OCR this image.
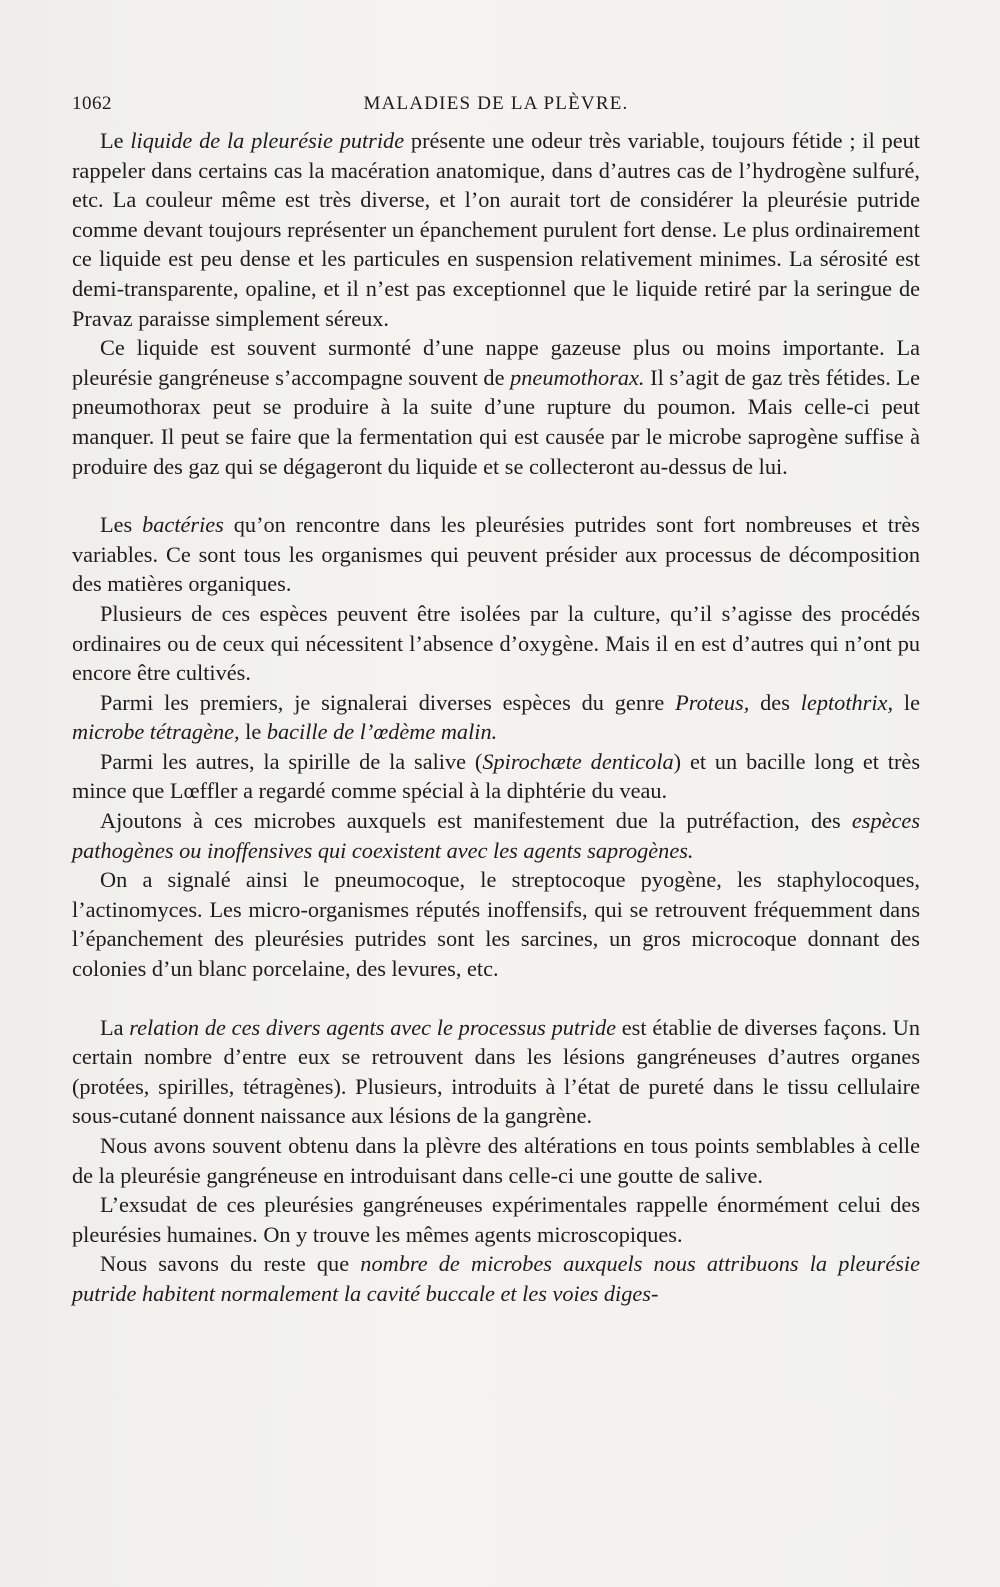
1062	MALADIES DE LA PLÈVRE.

Le liquide de la pleurésie putride présente une odeur très variable, toujours fétide ; il peut rappeler dans certains cas la macération anatomique, dans d’autres cas de l’hydrogène sulfuré, etc. La couleur même est très diverse, et l’on aurait tort de considérer la pleurésie putride comme devant toujours représenter un épanchement purulent fort dense. Le plus ordinairement ce liquide est peu dense et les particules en suspension relativement minimes. La sérosité est demi-transparente, opaline, et il n’est pas exceptionnel que le liquide retiré par la seringue de Pravaz paraisse simplement séreux.

Ce liquide est souvent surmonté d’une nappe gazeuse plus ou moins importante. La pleurésie gangréneuse s’accompagne souvent de pneumothorax. Il s’agit de gaz très fétides. Le pneumothorax peut se produire à la suite d’une rupture du poumon. Mais celle-ci peut manquer. Il peut se faire que la fermentation qui est causée par le microbe saprogène suffise à produire des gaz qui se dégageront du liquide et se collecteront au-dessus de lui.

Les bactéries qu’on rencontre dans les pleurésies putrides sont fort nombreuses et très variables. Ce sont tous les organismes qui peuvent présider aux processus de décomposition des matières organiques.

Plusieurs de ces espèces peuvent être isolées par la culture, qu’il s’agisse des procédés ordinaires ou de ceux qui nécessitent l’absence d’oxygène. Mais il en est d’autres qui n’ont pu encore être cultivés.

Parmi les premiers, je signalerai diverses espèces du genre Proteus, des leptothrix, le microbe tétragène, le bacille de l’œdème malin.

Parmi les autres, la spirille de la salive (Spirochæte denticola) et un bacille long et très mince que Lœffler a regardé comme spécial à la diphtérie du veau.

Ajoutons à ces microbes auxquels est manifestement due la putréfaction, des espèces pathogènes ou inoffensives qui coexistent avec les agents saprogènes.

On a signalé ainsi le pneumocoque, le streptocoque pyogène, les staphylocoques, l’actinomyces. Les micro-organismes réputés inoffensifs, qui se retrouvent fréquemment dans l’épanchement des pleurésies putrides sont les sarcines, un gros microcoque donnant des colonies d’un blanc porcelaine, des levures, etc.

La relation de ces divers agents avec le processus putride est établie de diverses façons. Un certain nombre d’entre eux se retrouvent dans les lésions gangréneuses d’autres organes (protées, spirilles, tétragènes). Plusieurs, introduits à l’état de pureté dans le tissu cellulaire sous-cutané donnent naissance aux lésions de la gangrène.

Nous avons souvent obtenu dans la plèvre des altérations en tous points semblables à celle de la pleurésie gangréneuse en introduisant dans celle-ci une goutte de salive.

L’exsudat de ces pleurésies gangréneuses expérimentales rappelle énormément celui des pleurésies humaines. On y trouve les mêmes agents microscopiques.

Nous savons du reste que nombre de microbes auxquels nous attribuons la pleurésie putride habitent normalement la cavité buccale et les voies diges-
